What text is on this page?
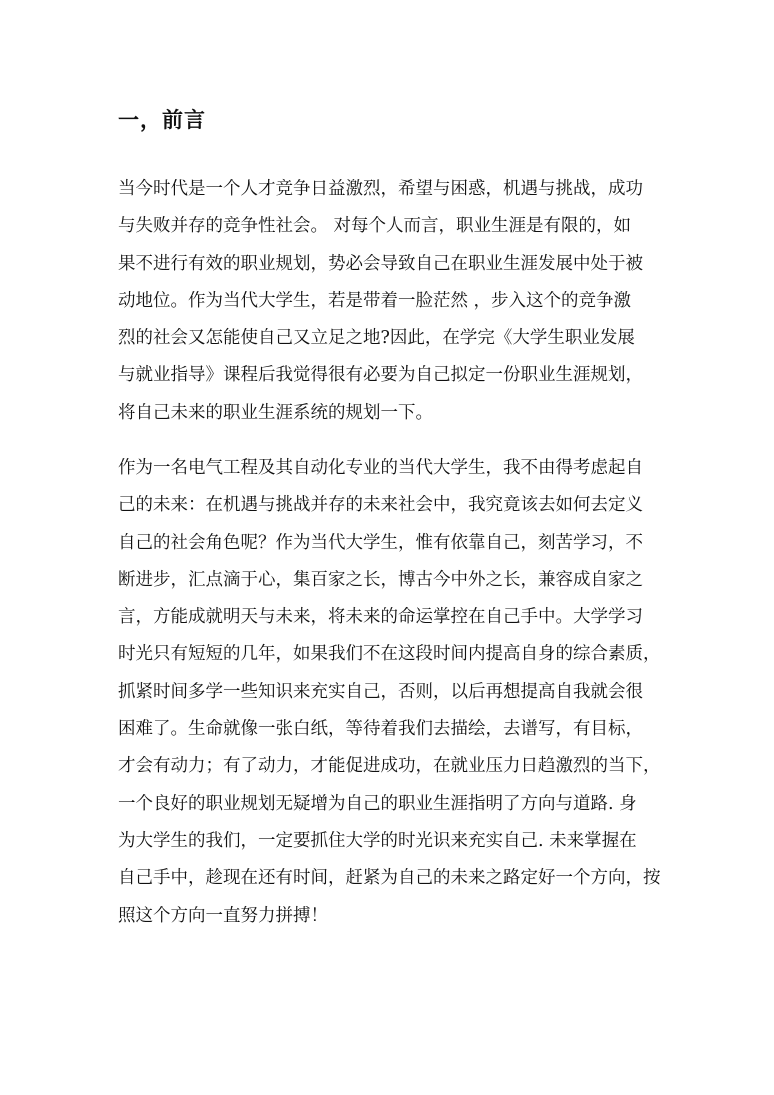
一，前言
当今时代是一个人才竞争日益激烈，希望与困惑，机遇与挑战，成功
与失败并存的竞争性社会。 对每个人而言，职业生涯是有限的，如
果不进行有效的职业规划，势必会导致自己在职业生涯发展中处于被
动地位。作为当代大学生，若是带着一脸茫然 ，步入这个的竞争激
烈的社会又怎能使自己又立足之地?因此，在学完《大学生职业发展
与就业指导》课程后我觉得很有必要为自己拟定一份职业生涯规划，
将自己未来的职业生涯系统的规划一下。
作为一名电气工程及其自动化专业的当代大学生，我不由得考虑起自
己的未来：在机遇与挑战并存的未来社会中，我究竟该去如何去定义
自己的社会角色呢？作为当代大学生，惟有依靠自己，刻苦学习，不
断进步，汇点滴于心，集百家之长，博古今中外之长，兼容成自家之
言，方能成就明天与未来，将未来的命运掌控在自己手中。大学学习
时光只有短短的几年，如果我们不在这段时间内提高自身的综合素质，
抓紧时间多学一些知识来充实自己，否则，以后再想提高自我就会很
困难了。生命就像一张白纸，等待着我们去描绘，去谱写，有目标，
才会有动力；有了动力，才能促进成功，在就业压力日趋激烈的当下，
一个良好的职业规划无疑增为自己的职业生涯指明了方向与道路. 身
为大学生的我们，一定要抓住大学的时光识来充实自己. 未来掌握在
自己手中，趁现在还有时间，赶紧为自己的未来之路定好一个方向，按
照这个方向一直努力拼搏！
